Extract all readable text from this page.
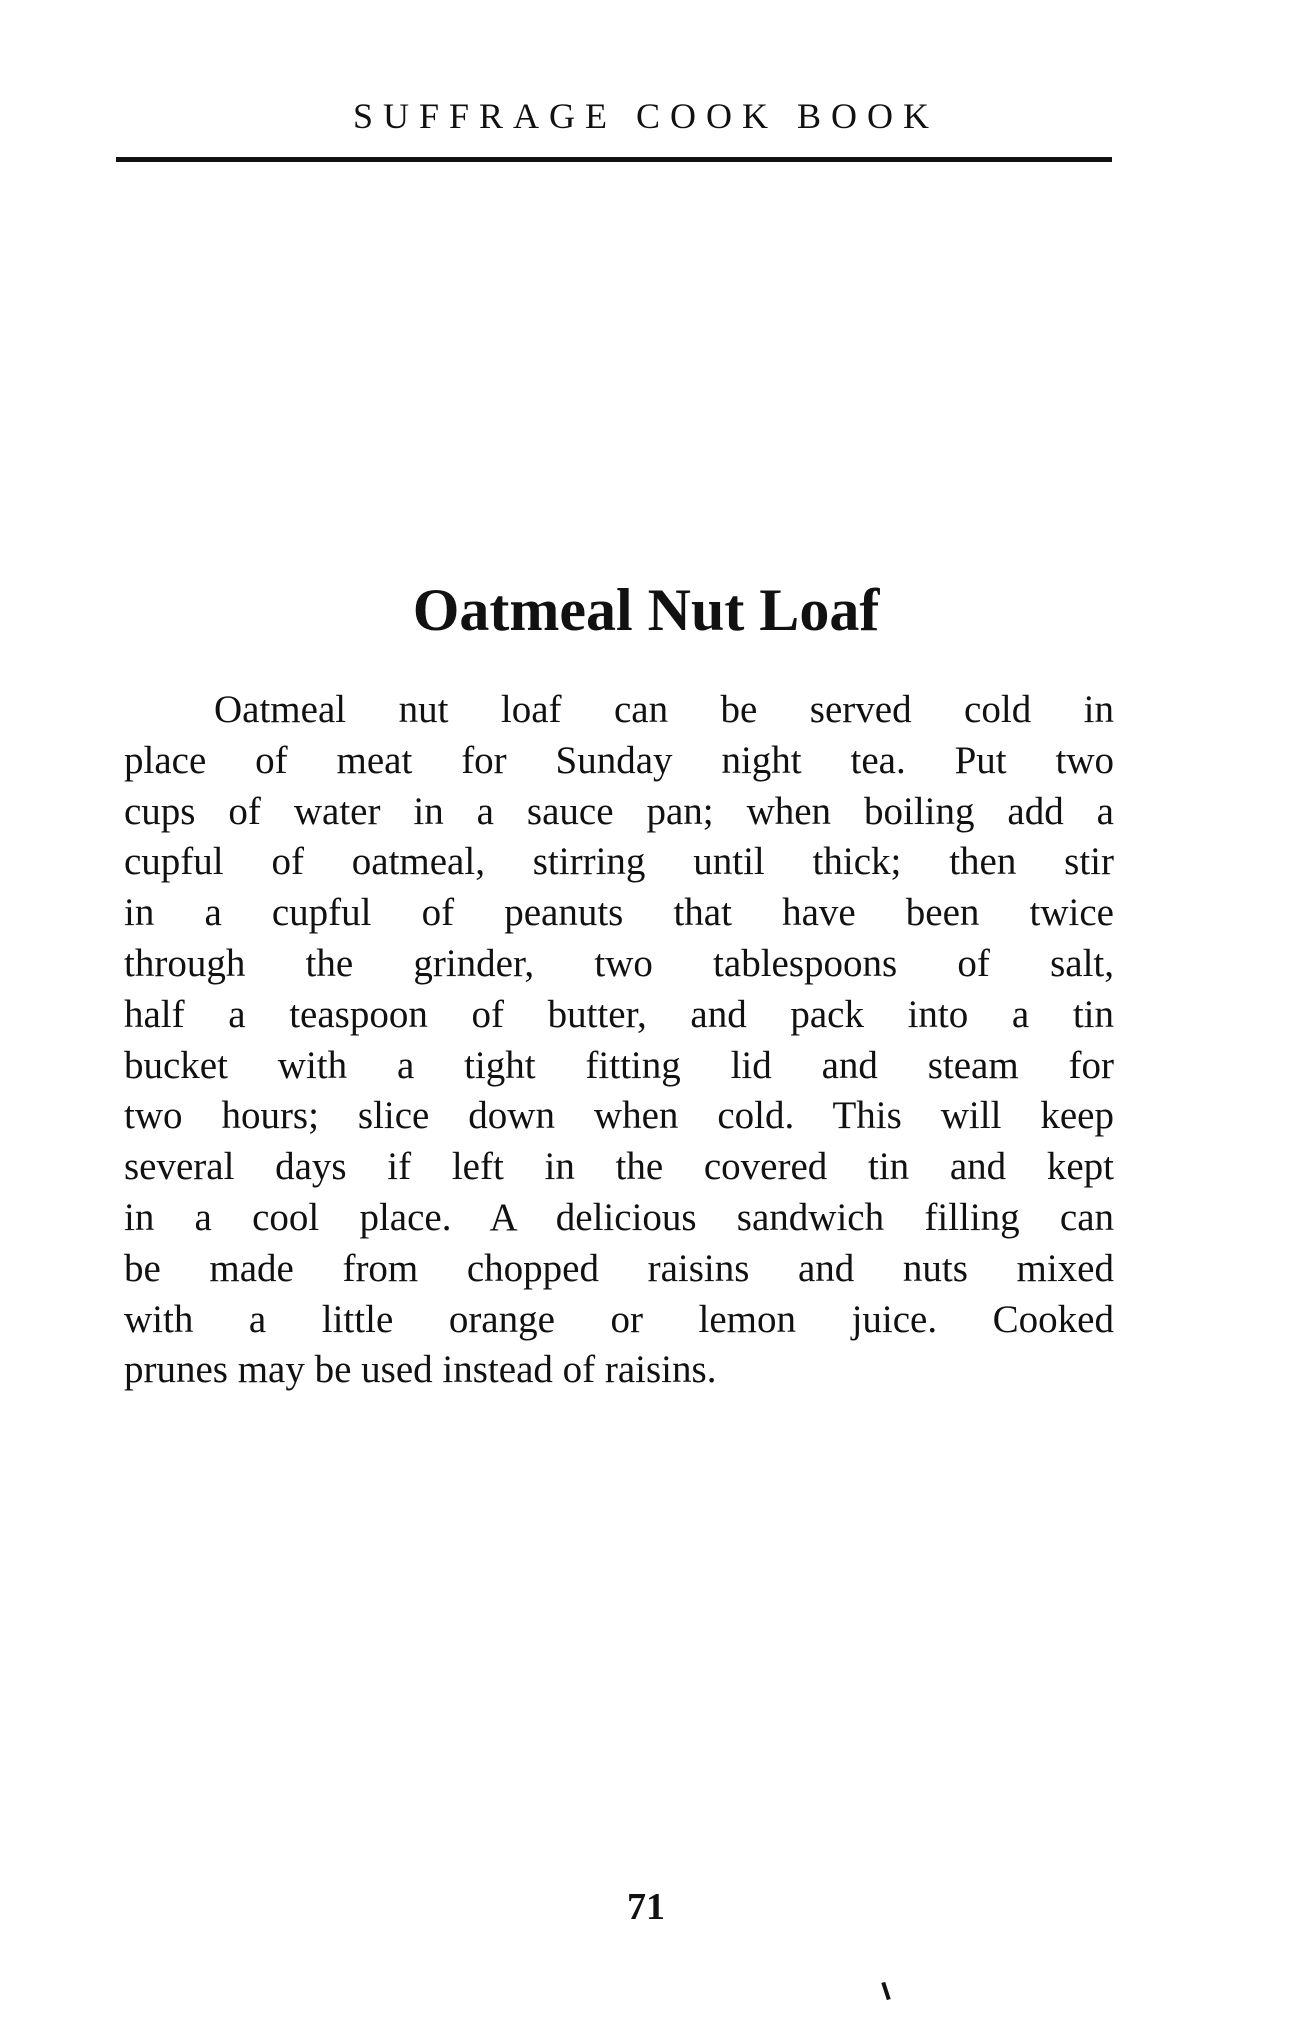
SUFFRAGE COOK BOOK
Oatmeal Nut Loaf
Oatmeal nut loaf can be served cold in
place of meat for Sunday night tea. Put two
cups of water in a sauce pan; when boiling add a
cupful of oatmeal, stirring until thick; then stir
in a cupful of peanuts that have been twice
through the grinder, two tablespoons of salt,
half a teaspoon of butter, and pack into a tin
bucket with a tight fitting lid and steam for
two hours; slice down when cold. This will keep
several days if left in the covered tin and kept
in a cool place. A delicious sandwich filling can
be made from chopped raisins and nuts mixed
with a little orange or lemon juice. Cooked
prunes may be used instead of raisins.
71
